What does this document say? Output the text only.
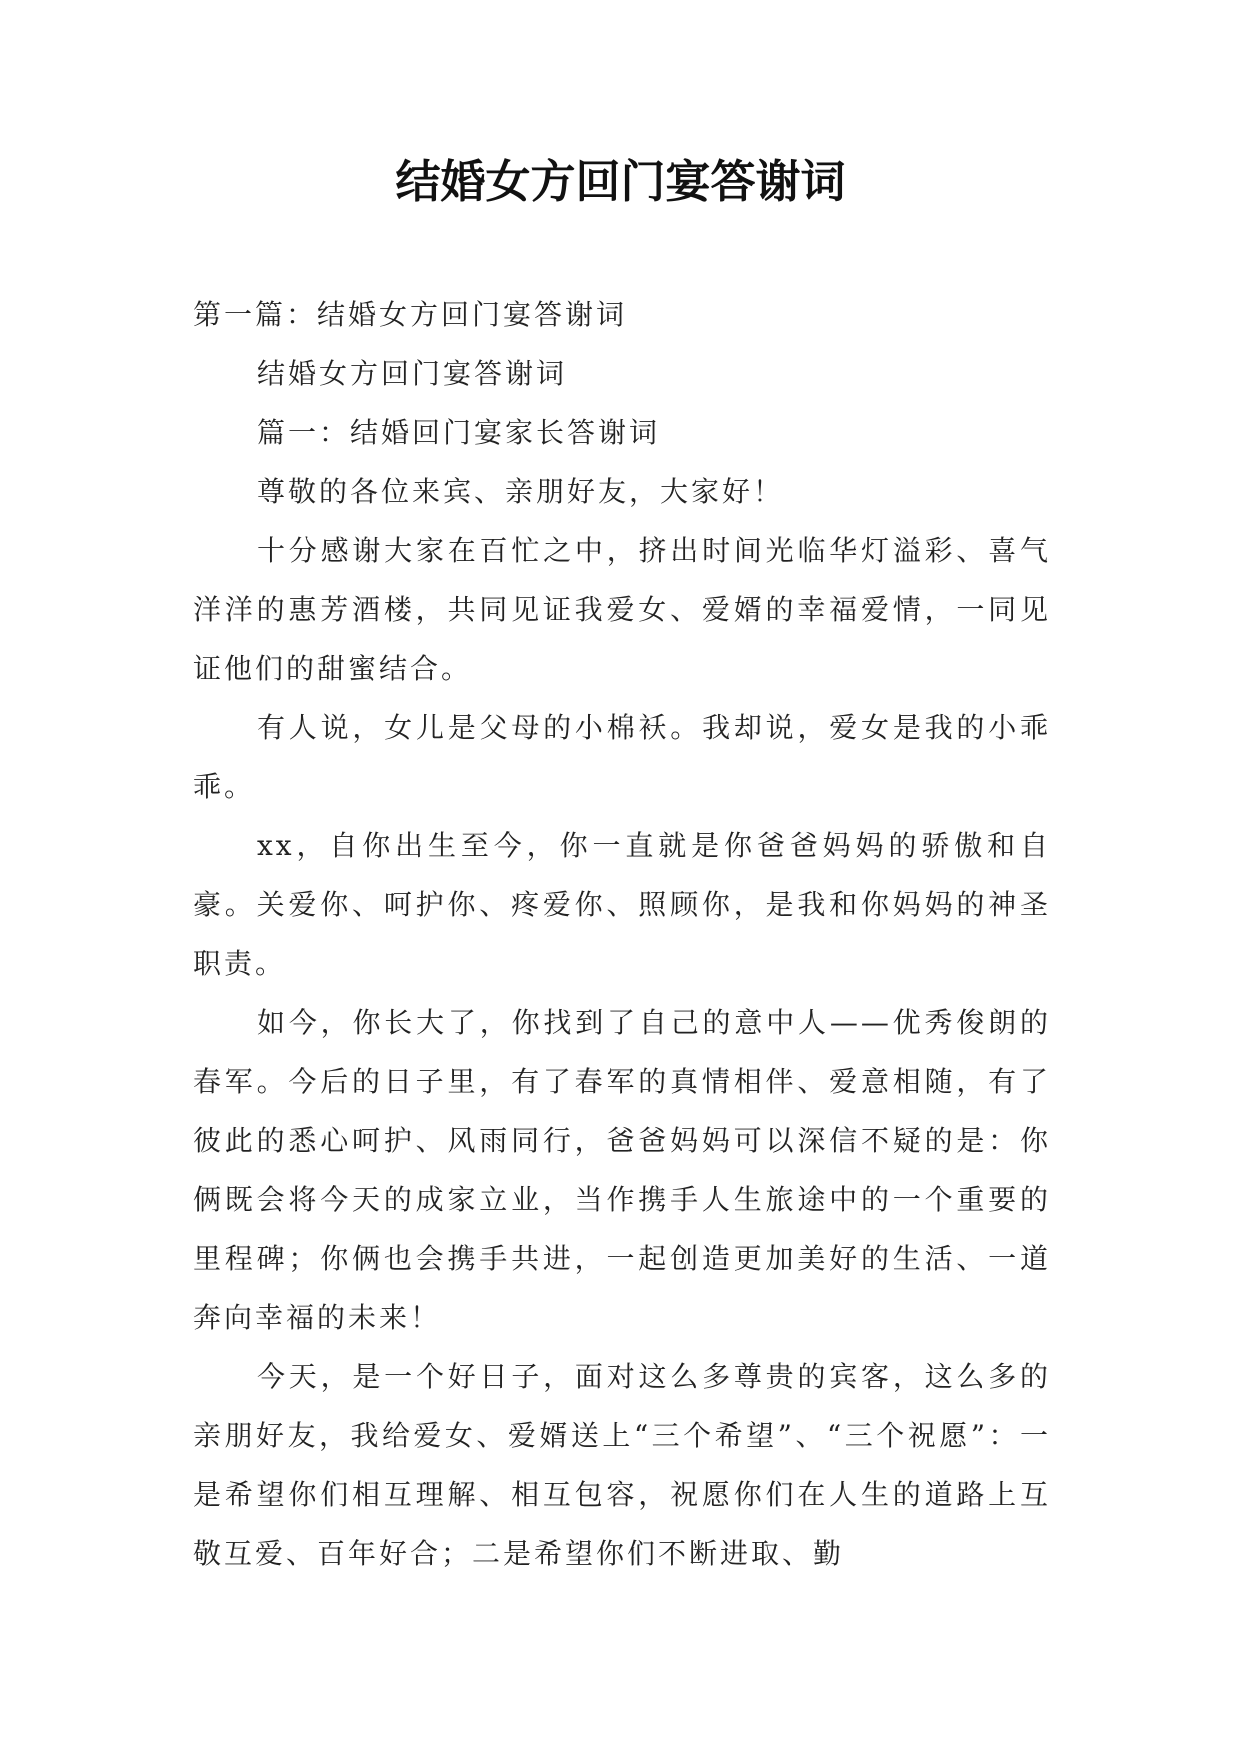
结婚女方回门宴答谢词

第一篇：结婚女方回门宴答谢词

结婚女方回门宴答谢词

篇一：结婚回门宴家长答谢词

尊敬的各位来宾、亲朋好友，大家好！

十分感谢大家在百忙之中，挤出时间光临华灯溢彩、喜气洋洋的惠芳酒楼，共同见证我爱女、爱婿的幸福爱情，一同见证他们的甜蜜结合。

有人说，女儿是父母的小棉袄。我却说，爱女是我的小乖乖。

xx，自你出生至今，你一直就是你爸爸妈妈的骄傲和自豪。关爱你、呵护你、疼爱你、照顾你，是我和你妈妈的神圣职责。

如今，你长大了，你找到了自己的意中人——优秀俊朗的春军。今后的日子里，有了春军的真情相伴、爱意相随，有了彼此的悉心呵护、风雨同行，爸爸妈妈可以深信不疑的是：你俩既会将今天的成家立业，当作携手人生旅途中的一个重要的里程碑；你俩也会携手共进，一起创造更加美好的生活、一道奔向幸福的未来！

今天，是一个好日子，面对这么多尊贵的宾客，这么多的亲朋好友，我给爱女、爱婿送上“三个希望”、“三个祝愿”：一是希望你们相互理解、相互包容，祝愿你们在人生的道路上互敬互爱、百年好合；二是希望你们不断进取、勤
